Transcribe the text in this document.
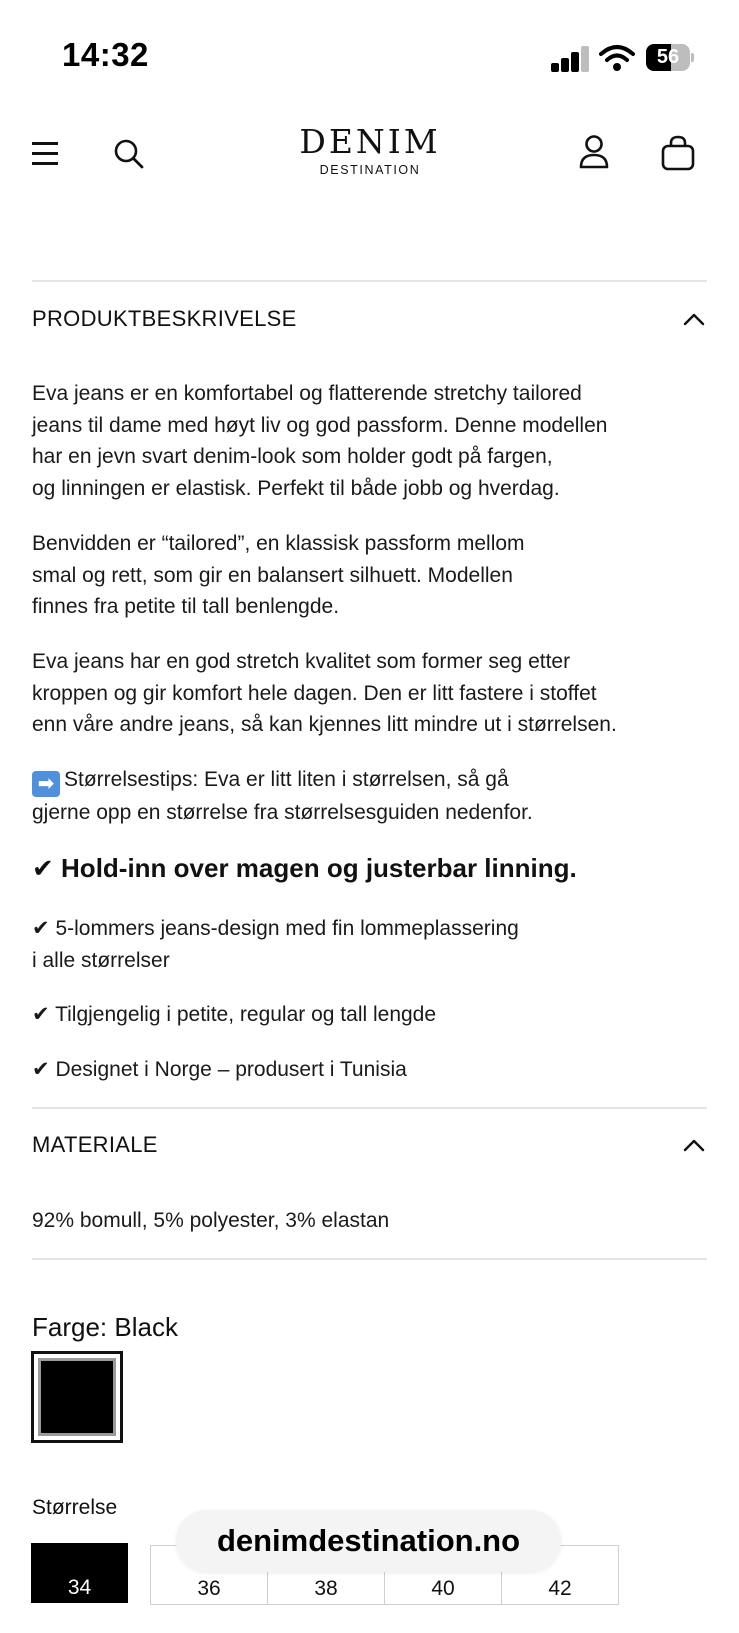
14:32	56
DENIM
DESTINATION
PRODUKTBESKRIVELSE

Eva jeans er en komfortabel og flatterende stretchy tailored
jeans til dame med høyt liv og god passform. Denne modellen
har en jevn svart denim-look som holder godt på fargen,
og linningen er elastisk. Perfekt til både jobb og hverdag.

Benvidden er “tailored”, en klassisk passform mellom
smal og rett, som gir en balansert silhuett. Modellen
finnes fra petite til tall benlengde.

Eva jeans har en god stretch kvalitet som former seg etter
kroppen og gir komfort hele dagen. Den er litt fastere i stoffet
enn våre andre jeans, så kan kjennes litt mindre ut i størrelsen.

➡ Størrelsestips: Eva er litt liten i størrelsen, så gå
gjerne opp en størrelse fra størrelsesguiden nedenfor.

✔ Hold-inn over magen og justerbar linning.

✔ 5-lommers jeans-design med fin lommeplassering
i alle størrelser

✔ Tilgjengelig i petite, regular og tall lengde

✔ Designet i Norge – produsert i Tunisia

MATERIALE

92% bomull, 5% polyester, 3% elastan

Farge: Black
Størrelse
34	36	38	40	42
denimdestination.no
